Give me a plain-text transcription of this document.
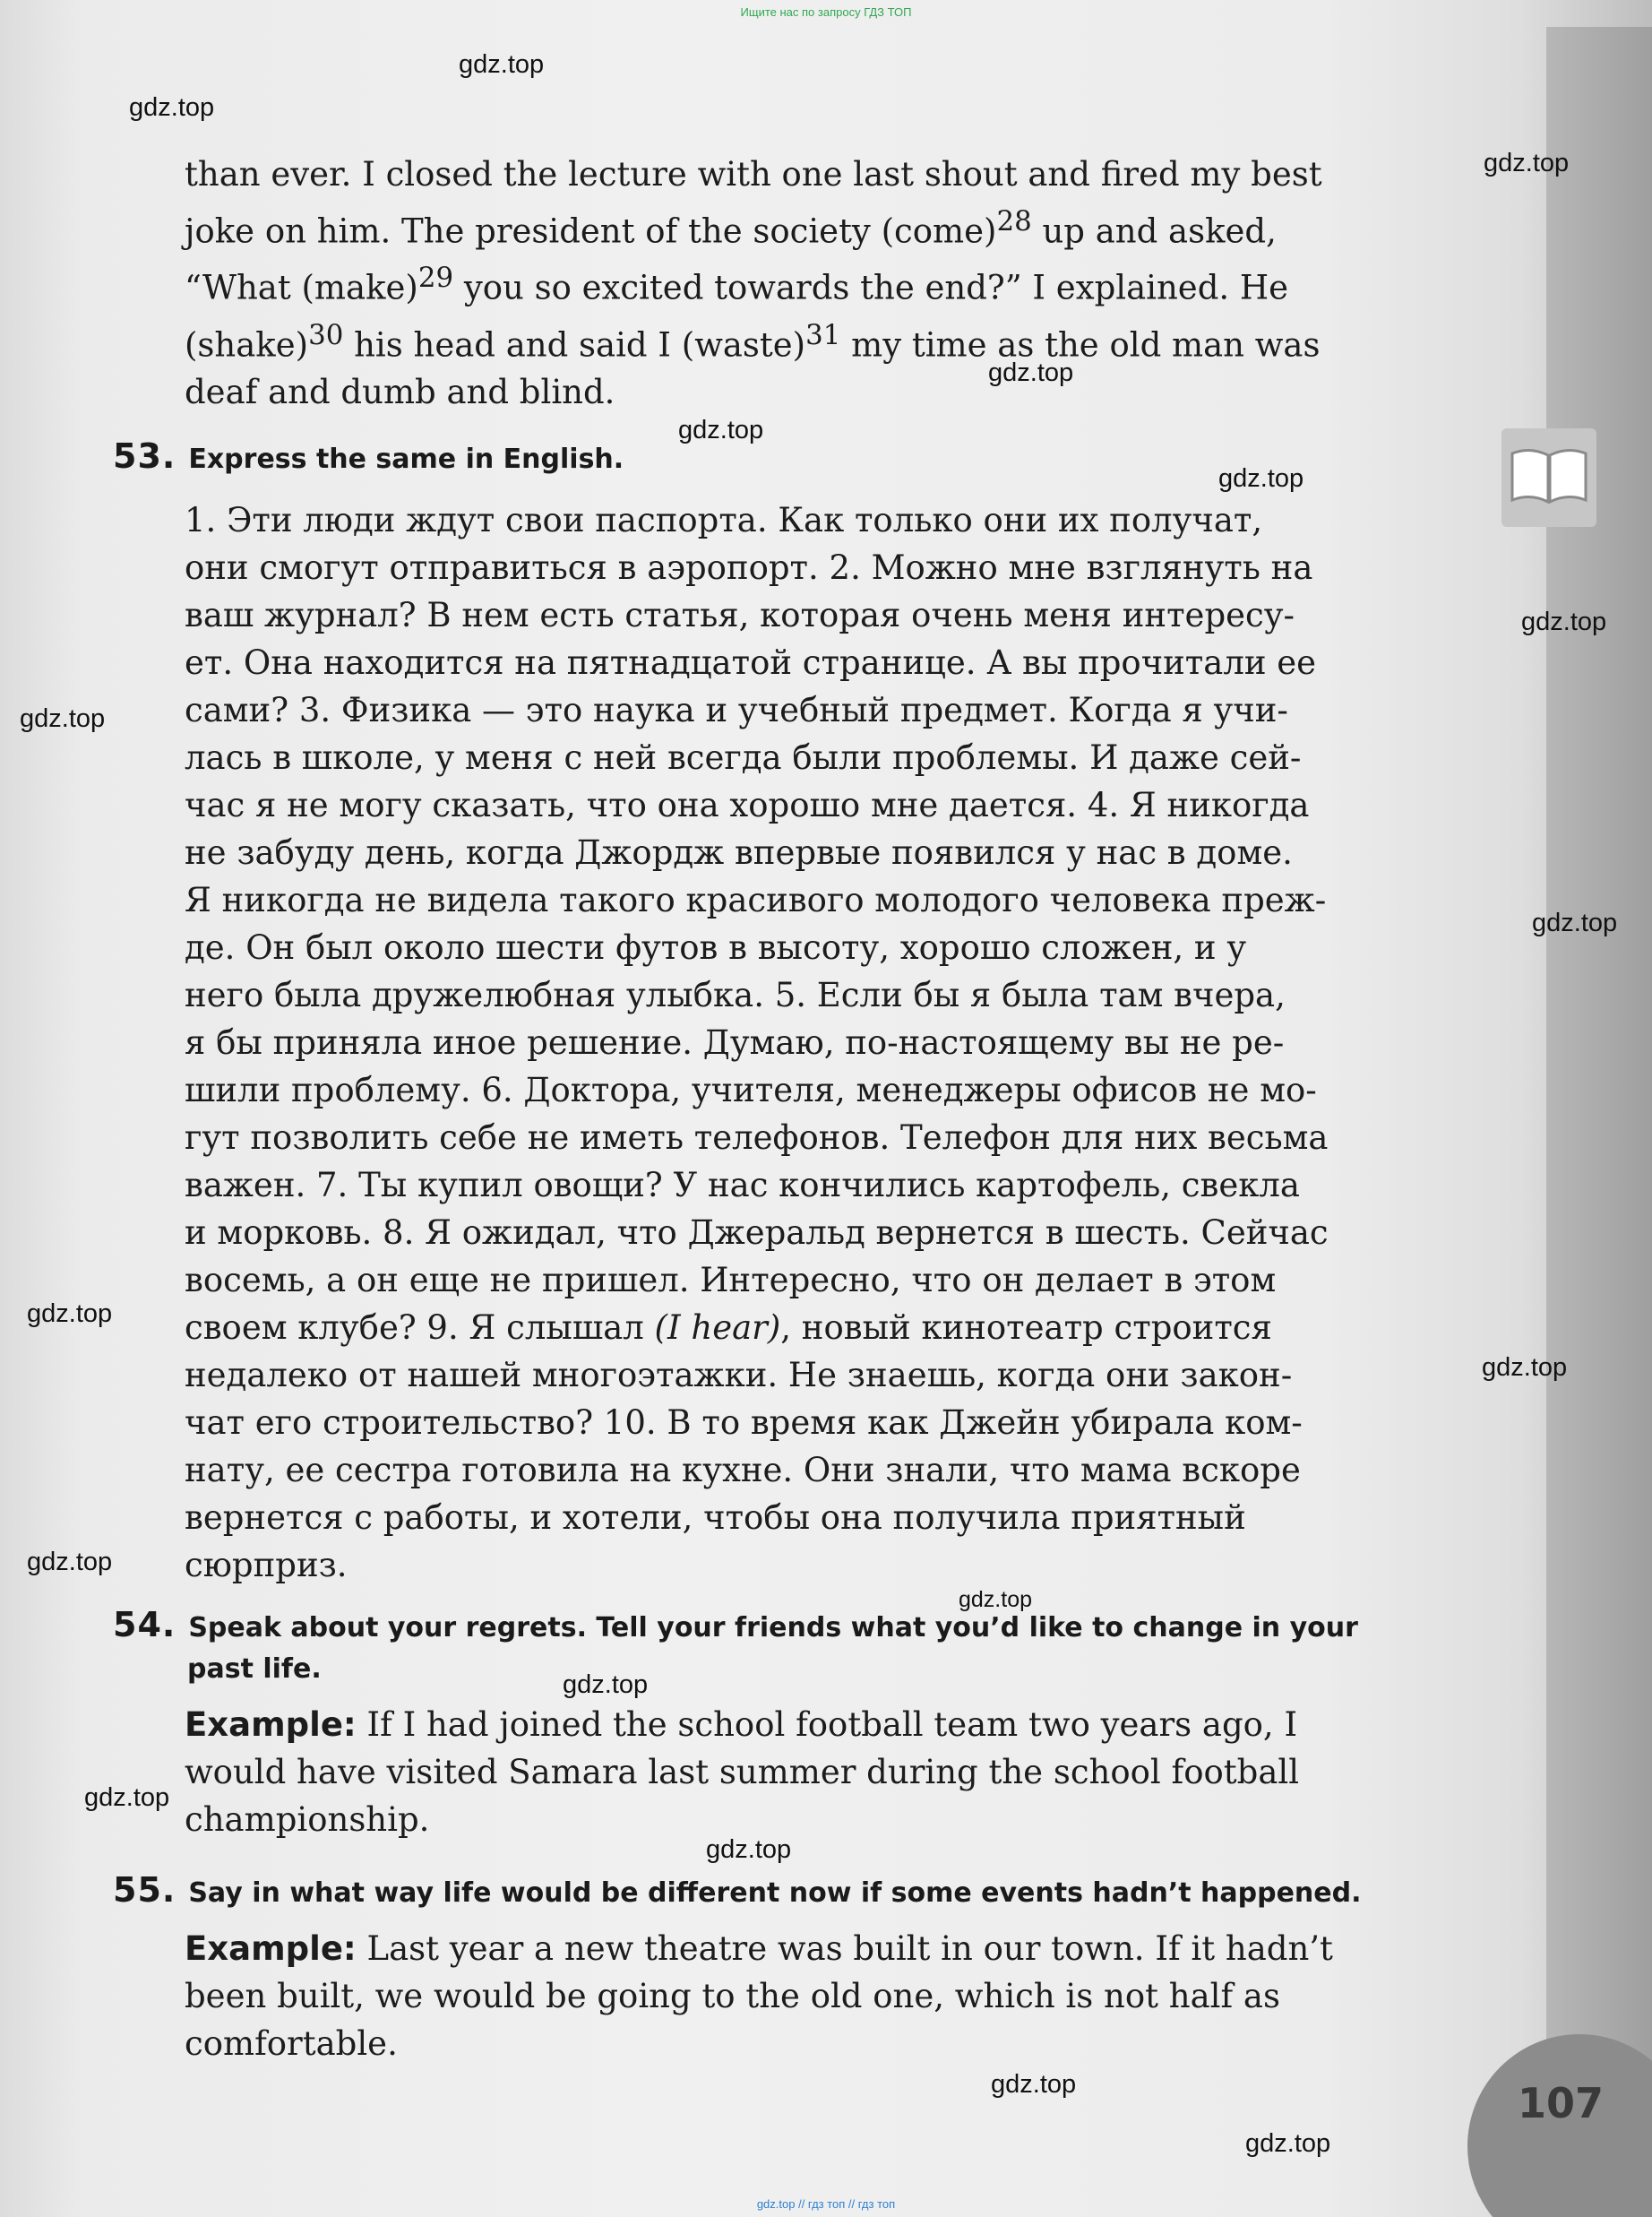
107
Ищите нас по запросу ГДЗ ТОП
gdz.top // гдз топ // гдз топ
gdz.top
gdz.top
gdz.top
gdz.top
gdz.top
gdz.top
gdz.top
gdz.top
gdz.top
gdz.top
gdz.top
gdz.top
gdz.top
gdz.top
gdz.top
gdz.top
gdz.top
gdz.top
than ever. I closed the lecture with one last shout and fired my best
joke on him. The president of the society (come)$^{28}$ up and asked,
“What (make)$^{29}$ you so excited towards the end?” I explained. He
(shake)$^{30}$ his head and said I (waste)$^{31}$ my time as the old man was
deaf and dumb and blind.
53. Express the same in English.
1. Эти люди ждут свои паспорта. Как только они их получат,
они смогут отправиться в аэропорт. 2. Можно мне взглянуть на
ваш журнал? В нем есть статья, которая очень меня интересу-
ет. Она находится на пятнадцатой странице. А вы прочитали ее
сами? 3. Физика — это наука и учебный предмет. Когда я учи-
лась в школе, у меня с ней всегда были проблемы. И даже сей-
час я не могу сказать, что она хорошо мне дается. 4. Я никогда
не забуду день, когда Джордж впервые появился у нас в доме.
Я никогда не видела такого красивого молодого человека преж-
де. Он был около шести футов в высоту, хорошо сложен, и у
него была дружелюбная улыбка. 5. Если бы я была там вчера,
я бы приняла иное решение. Думаю, по-настоящему вы не ре-
шили проблему. 6. Доктора, учителя, менеджеры офисов не мо-
гут позволить себе не иметь телефонов. Телефон для них весьма
важен. 7. Ты купил овощи? У нас кончились картофель, свекла
и морковь. 8. Я ожидал, что Джеральд вернется в шесть. Сейчас
восемь, а он еще не пришел. Интересно, что он делает в этом
своем клубе? 9. Я слышал (I hear), новый кинотеатр строится
недалеко от нашей многоэтажки. Не знаешь, когда они закон-
чат его строительство? 10. В то время как Джейн убирала ком-
нату, ее сестра готовила на кухне. Они знали, что мама вскоре
вернется с работы, и хотели, чтобы она получила приятный
сюрприз.
54. Speak about your regrets. Tell your friends what you’d like to change in your
past life.
Example: If I had joined the school football team two years ago, I
would have visited Samara last summer during the school football
championship.
55. Say in what way life would be different now if some events hadn’t happened.
Example: Last year a new theatre was built in our town. If it hadn’t
been built, we would be going to the old one, which is not half as
comfortable.
